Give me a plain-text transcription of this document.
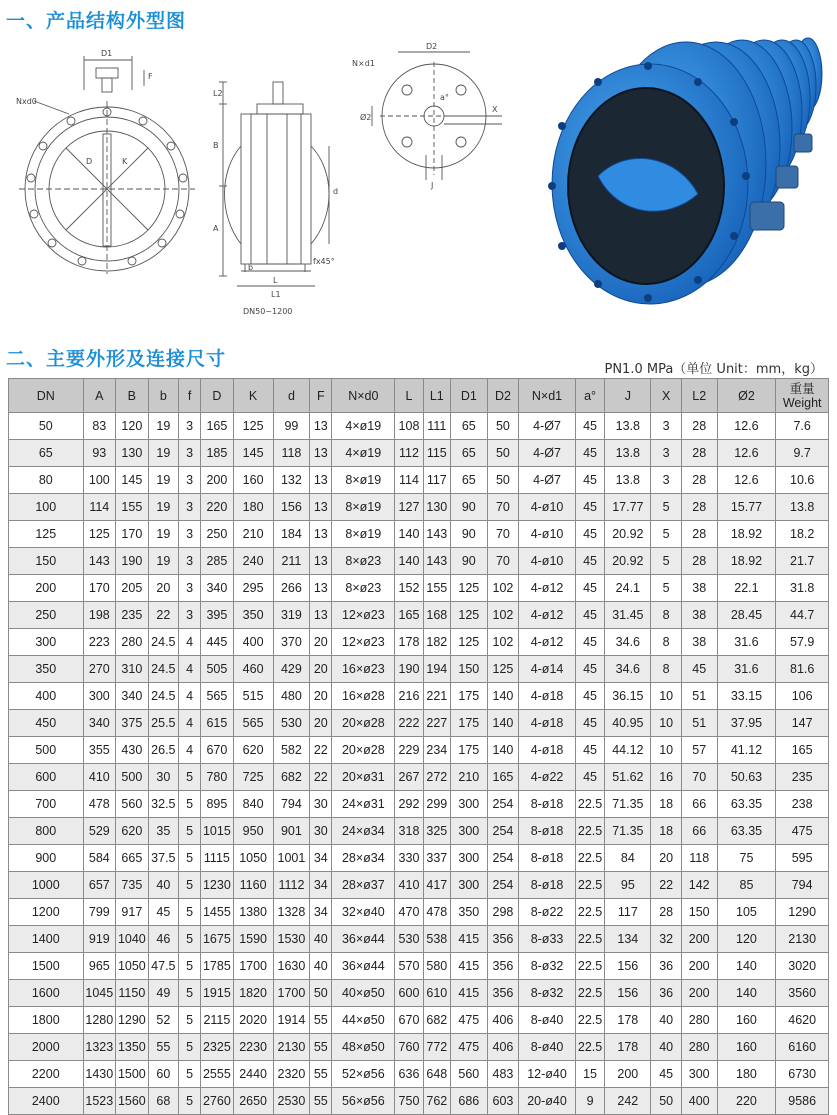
一、产品结构外型图
D1
F
Nxd0
D	K
L2
B
A
d
b
fx45°
L
L1
DN50~1200
D2
N×d1
Ø2
a°
X
J
二、主要外形及连接尺寸	PN1.0 MPa（单位 Unit：mm，kg）
DN	A	B	b	f	D	K	d	F	N×d0	L	L1	D1	D2	N×d1	a°	J	X	L2	Ø2	重量
Weight
50	83	120	19	3	165	125	99	13	4×ø19	108	111	65	50	4-Ø7	45	13.8	3	28	12.6	7.6
65	93	130	19	3	185	145	118	13	4×ø19	112	115	65	50	4-Ø7	45	13.8	3	28	12.6	9.7
80	100	145	19	3	200	160	132	13	8×ø19	114	117	65	50	4-Ø7	45	13.8	3	28	12.6	10.6
100	114	155	19	3	220	180	156	13	8×ø19	127	130	90	70	4-ø10	45	17.77	5	28	15.77	13.8
125	125	170	19	3	250	210	184	13	8×ø19	140	143	90	70	4-ø10	45	20.92	5	28	18.92	18.2
150	143	190	19	3	285	240	211	13	8×ø23	140	143	90	70	4-ø10	45	20.92	5	28	18.92	21.7
200	170	205	20	3	340	295	266	13	8×ø23	152	155	125	102	4-ø12	45	24.1	5	38	22.1	31.8
250	198	235	22	3	395	350	319	13	12×ø23	165	168	125	102	4-ø12	45	31.45	8	38	28.45	44.7
300	223	280	24.5	4	445	400	370	20	12×ø23	178	182	125	102	4-ø12	45	34.6	8	38	31.6	57.9
350	270	310	24.5	4	505	460	429	20	16×ø23	190	194	150	125	4-ø14	45	34.6	8	45	31.6	81.6
400	300	340	24.5	4	565	515	480	20	16×ø28	216	221	175	140	4-ø18	45	36.15	10	51	33.15	106
450	340	375	25.5	4	615	565	530	20	20×ø28	222	227	175	140	4-ø18	45	40.95	10	51	37.95	147
500	355	430	26.5	4	670	620	582	22	20×ø28	229	234	175	140	4-ø18	45	44.12	10	57	41.12	165
600	410	500	30	5	780	725	682	22	20×ø31	267	272	210	165	4-ø22	45	51.62	16	70	50.63	235
700	478	560	32.5	5	895	840	794	30	24×ø31	292	299	300	254	8-ø18	22.5	71.35	18	66	63.35	238
800	529	620	35	5	1015	950	901	30	24×ø34	318	325	300	254	8-ø18	22.5	71.35	18	66	63.35	475
900	584	665	37.5	5	1115	1050	1001	34	28×ø34	330	337	300	254	8-ø18	22.5	84	20	118	75	595
1000	657	735	40	5	1230	1160	1112	34	28×ø37	410	417	300	254	8-ø18	22.5	95	22	142	85	794
1200	799	917	45	5	1455	1380	1328	34	32×ø40	470	478	350	298	8-ø22	22.5	117	28	150	105	1290
1400	919	1040	46	5	1675	1590	1530	40	36×ø44	530	538	415	356	8-ø33	22.5	134	32	200	120	2130
1500	965	1050	47.5	5	1785	1700	1630	40	36×ø44	570	580	415	356	8-ø32	22.5	156	36	200	140	3020
1600	1045	1150	49	5	1915	1820	1700	50	40×ø50	600	610	415	356	8-ø32	22.5	156	36	200	140	3560
1800	1280	1290	52	5	2115	2020	1914	55	44×ø50	670	682	475	406	8-ø40	22.5	178	40	280	160	4620
2000	1323	1350	55	5	2325	2230	2130	55	48×ø50	760	772	475	406	8-ø40	22.5	178	40	280	160	6160
2200	1430	1500	60	5	2555	2440	2320	55	52×ø56	636	648	560	483	12-ø40	15	200	45	300	180	6730
2400	1523	1560	68	5	2760	2650	2530	55	56×ø56	750	762	686	603	20-ø40	9	242	50	400	220	9586
